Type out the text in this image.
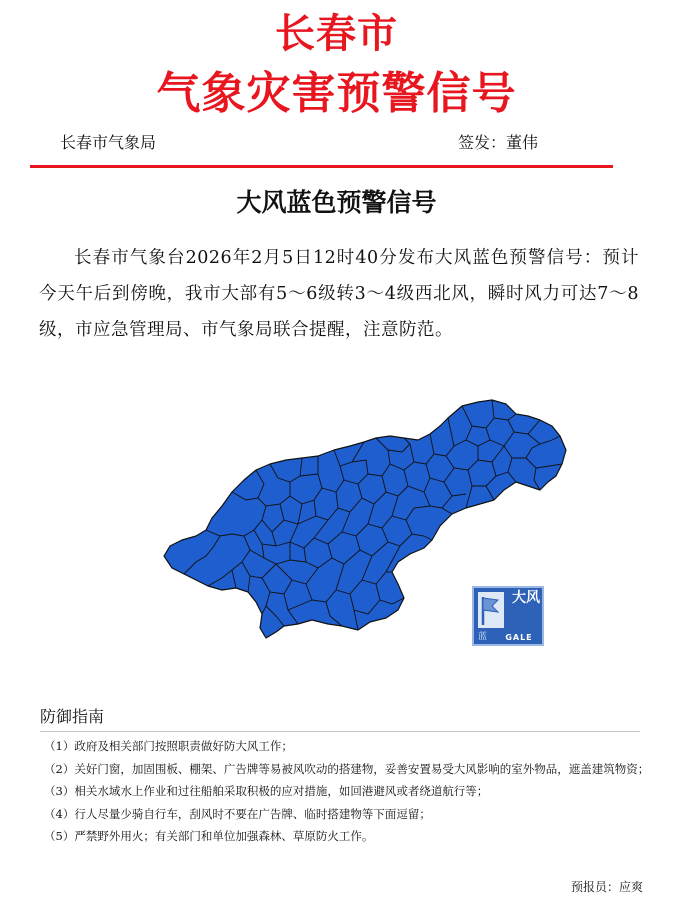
长春市
气象灾害预警信号
长春市气象局	签发：董伟
大风蓝色预警信号
长春市气象台2026年2月5日12时40分发布大风蓝色预警信号：预计今天午后到傍晚，我市大部有5～6级转3～4级西北风，瞬时风力可达7～8级，市应急管理局、市气象局联合提醒，注意防范。
大风
蓝	GALE
防御指南
（1）政府及相关部门按照职责做好防大风工作；
（2）关好门窗，加固围板、棚架、广告牌等易被风吹动的搭建物，妥善安置易受大风影响的室外物品，遮盖建筑物资；
（3）相关水域水上作业和过往船舶采取积极的应对措施，如回港避风或者绕道航行等；
（4）行人尽量少骑自行车，刮风时不要在广告牌、临时搭建物等下面逗留；
（5）严禁野外用火；有关部门和单位加强森林、草原防火工作。
预报员：应爽
